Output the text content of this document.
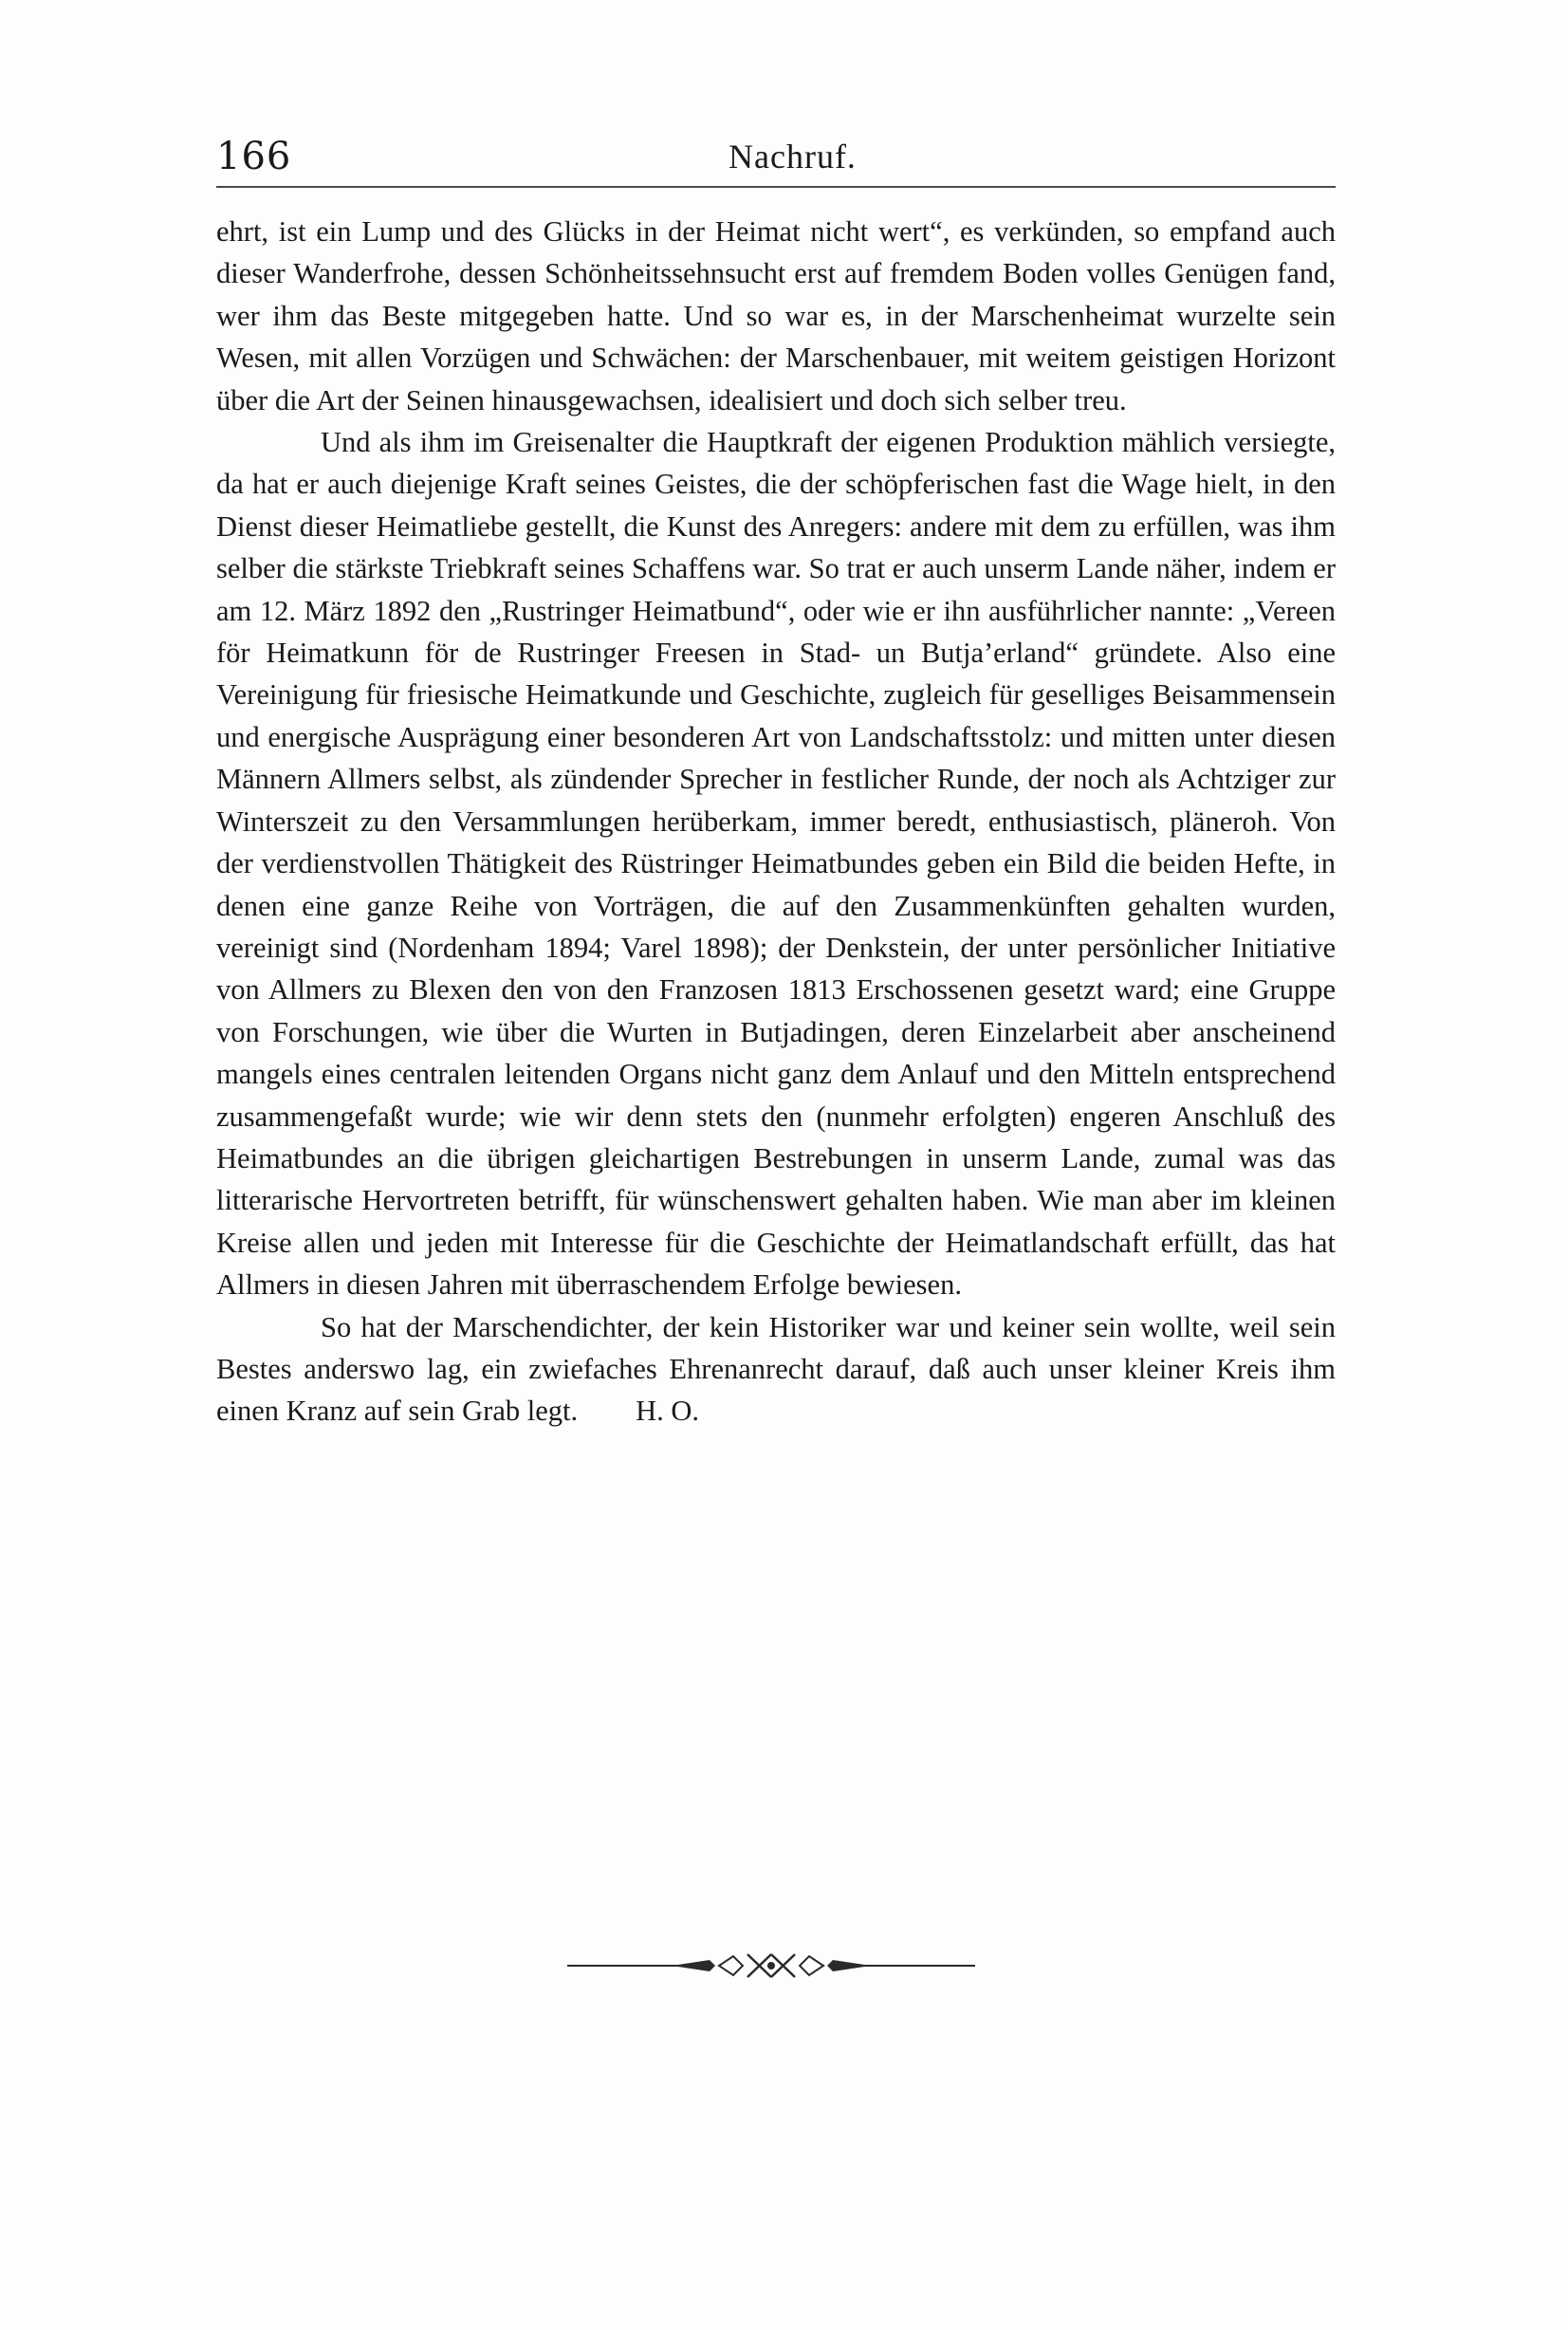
166	Nachruf.

ehrt, ist ein Lump und des Glücks in der Heimat nicht wert“, es verkünden, so empfand auch dieser Wanderfrohe, dessen Schönheitssehnsucht erst auf fremdem Boden volles Genügen fand, wer ihm das Beste mitgegeben hatte. Und so war es, in der Marschenheimat wurzelte sein Wesen, mit allen Vorzügen und Schwächen: der Marschenbauer, mit weitem geistigen Horizont über die Art der Seinen hinausgewachsen, idealisiert und doch sich selber treu.

Und als ihm im Greisenalter die Hauptkraft der eigenen Produktion mählich versiegte, da hat er auch diejenige Kraft seines Geistes, die der schöpferischen fast die Wage hielt, in den Dienst dieser Heimatliebe gestellt, die Kunst des Anregers: andere mit dem zu erfüllen, was ihm selber die stärkste Triebkraft seines Schaffens war. So trat er auch unserm Lande näher, indem er am 12. März 1892 den „Rustringer Heimatbund“, oder wie er ihn ausführlicher nannte: „Vereen för Heimatkunn för de Rustringer Freesen in Stad- un Butja’erland“ gründete. Also eine Vereinigung für friesische Heimatkunde und Geschichte, zugleich für geselliges Beisammensein und energische Ausprägung einer besonderen Art von Landschaftsstolz: und mitten unter diesen Männern Allmers selbst, als zündender Sprecher in festlicher Runde, der noch als Achtziger zur Winterszeit zu den Versammlungen herüberkam, immer beredt, enthusiastisch, pläneroh. Von der verdienstvollen Thätigkeit des Rüstringer Heimatbundes geben ein Bild die beiden Hefte, in denen eine ganze Reihe von Vorträgen, die auf den Zusammenkünften gehalten wurden, vereinigt sind (Nordenham 1894; Varel 1898); der Denkstein, der unter persönlicher Initiative von Allmers zu Blexen den von den Franzosen 1813 Erschossenen gesetzt ward; eine Gruppe von Forschungen, wie über die Wurten in Butjadingen, deren Einzelarbeit aber anscheinend mangels eines centralen leitenden Organs nicht ganz dem Anlauf und den Mitteln entsprechend zusammengefaßt wurde; wie wir denn stets den (nunmehr erfolgten) engeren Anschluß des Heimatbundes an die übrigen gleichartigen Bestrebungen in unserm Lande, zumal was das litterarische Hervortreten betrifft, für wünschenswert gehalten haben. Wie man aber im kleinen Kreise allen und jeden mit Interesse für die Geschichte der Heimatlandschaft erfüllt, das hat Allmers in diesen Jahren mit überraschendem Erfolge bewiesen.

So hat der Marschendichter, der kein Historiker war und keiner sein wollte, weil sein Bestes anderswo lag, ein zwiefaches Ehrenanrecht darauf, daß auch unser kleiner Kreis ihm einen Kranz auf sein Grab legt. H. O.
